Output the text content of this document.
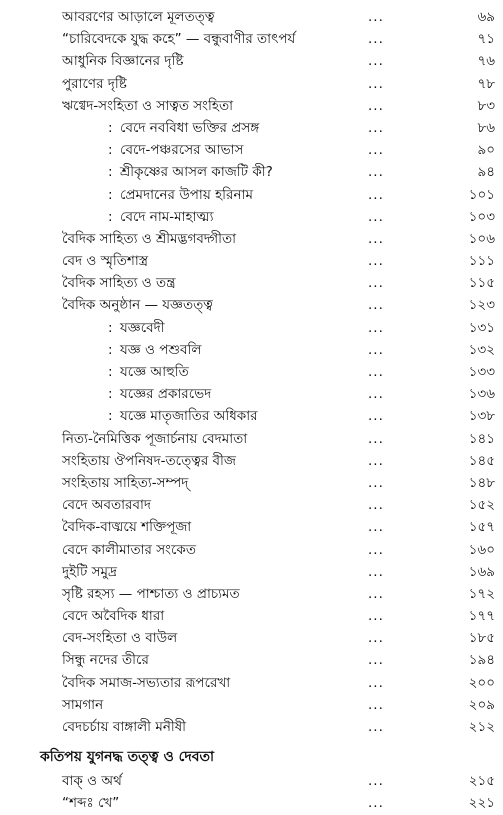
আবরণের আড়ালে মূলতত্ত্ব	...	৬৯
“চারিবেদকে যুদ্ধ কহে” — বন্ধুবাণীর তাৎপর্য	...	৭১
আধুনিক বিজ্ঞানের দৃষ্টি	...	৭৬
পুরাণের দৃষ্টি	...	৭৮
ঋগ্বেদ-সংহিতা ও সাত্বত সংহিতা	...	৮৩
: বেদে নববিধা ভক্তির প্রসঙ্গ	...	৮৬
: বেদে-পঞ্চরসের আভাস	...	৯০
: শ্রীকৃষ্ণের আসল কাজটি কী?	...	৯৪
: প্রেমদানের উপায় হরিনাম	...	১০১
: বেদে নাম-মাহাত্ম্য	...	১০৩
বৈদিক সাহিত্য ও শ্রীমদ্ভগবদ্গীতা	...	১০৬
বেদ ও স্মৃতিশাস্ত্র	...	১১১
বৈদিক সাহিত্য ও তন্ত্র	...	১১৫
বৈদিক অনুষ্ঠান — যজ্ঞতত্ত্ব	...	১২৩
: যজ্ঞবেদী	...	১৩১
: যজ্ঞ ও পশুবলি	...	১৩২
: যজ্ঞে আহুতি	...	১৩৩
: যজ্ঞের প্রকারভেদ	...	১৩৬
: যজ্ঞে মাতৃজাতির অধিকার	...	১৩৮
নিত্য-নৈমিত্তিক পূজার্চনায় বেদমাতা	...	১৪১
সংহিতায় ঔপনিষদ-তত্ত্বের বীজ	...	১৪৫
সংহিতায় সাহিত্য-সম্পদ্	...	১৪৮
বেদে অবতারবাদ	...	১৫২
বৈদিক-বাঙ্ময়ে শক্তিপূজা	...	১৫৭
বেদে কালীমাতার সংকেত	...	১৬০
দুইটি সমুদ্র	...	১৬৯
সৃষ্টি রহস্য — পাশ্চাত্য ও প্রাচ্যমত	...	১৭২
বেদে অবৈদিক ধারা	...	১৭৭
বেদ-সংহিতা ও বাউল	...	১৮৫
সিন্ধু নদের তীরে	...	১৯৪
বৈদিক সমাজ-সভ্যতার রূপরেখা	...	২০০
সামগান	...	২০৯
বেদচর্চায় বাঙ্গালী মনীষী	...	২১২
কতিপয় যুগনদ্ধ তত্ত্ব ও দেবতা
বাক্ ও অর্থ	...	২১৫
“শব্দঃ খে”	...	২২১
